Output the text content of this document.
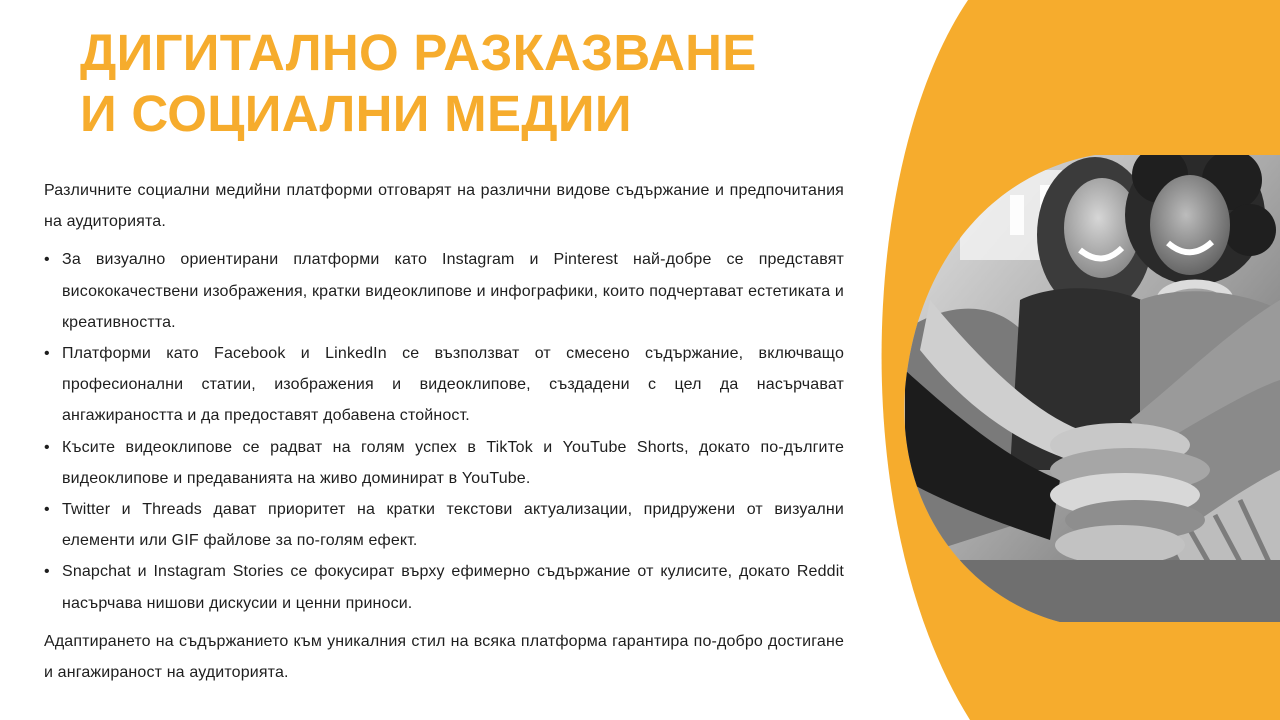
ДИГИТАЛНО РАЗКАЗВАНЕ
И СОЦИАЛНИ МЕДИИ

Различните социални медийни платформи отговарят на различни видове съдържание и предпочитания на аудиторията.

• За визуално ориентирани платформи като Instagram и Pinterest най-добре се представят висококачествени изображения, кратки видеоклипове и инфографики, които подчертават естетиката и креативността.
• Платформи като Facebook и LinkedIn се възползват от смесено съдържание, включващо професионални статии, изображения и видеоклипове, създадени с цел да насърчават ангажираността и да предоставят добавена стойност.
• Късите видеоклипове се радват на голям успех в TikTok и YouTube Shorts, докато по-дългите видеоклипове и предаванията на живо доминират в YouTube.
• Twitter и Threads дават приоритет на кратки текстови актуализации, придружени от визуални елементи или GIF файлове за по-голям ефект.
• Snapchat и Instagram Stories се фокусират върху ефимерно съдържание от кулисите, докато Reddit насърчава нишови дискусии и ценни приноси.

Адаптирането на съдържанието към уникалния стил на всяка платформа гарантира по-добро достигане и ангажираност на аудиторията.
